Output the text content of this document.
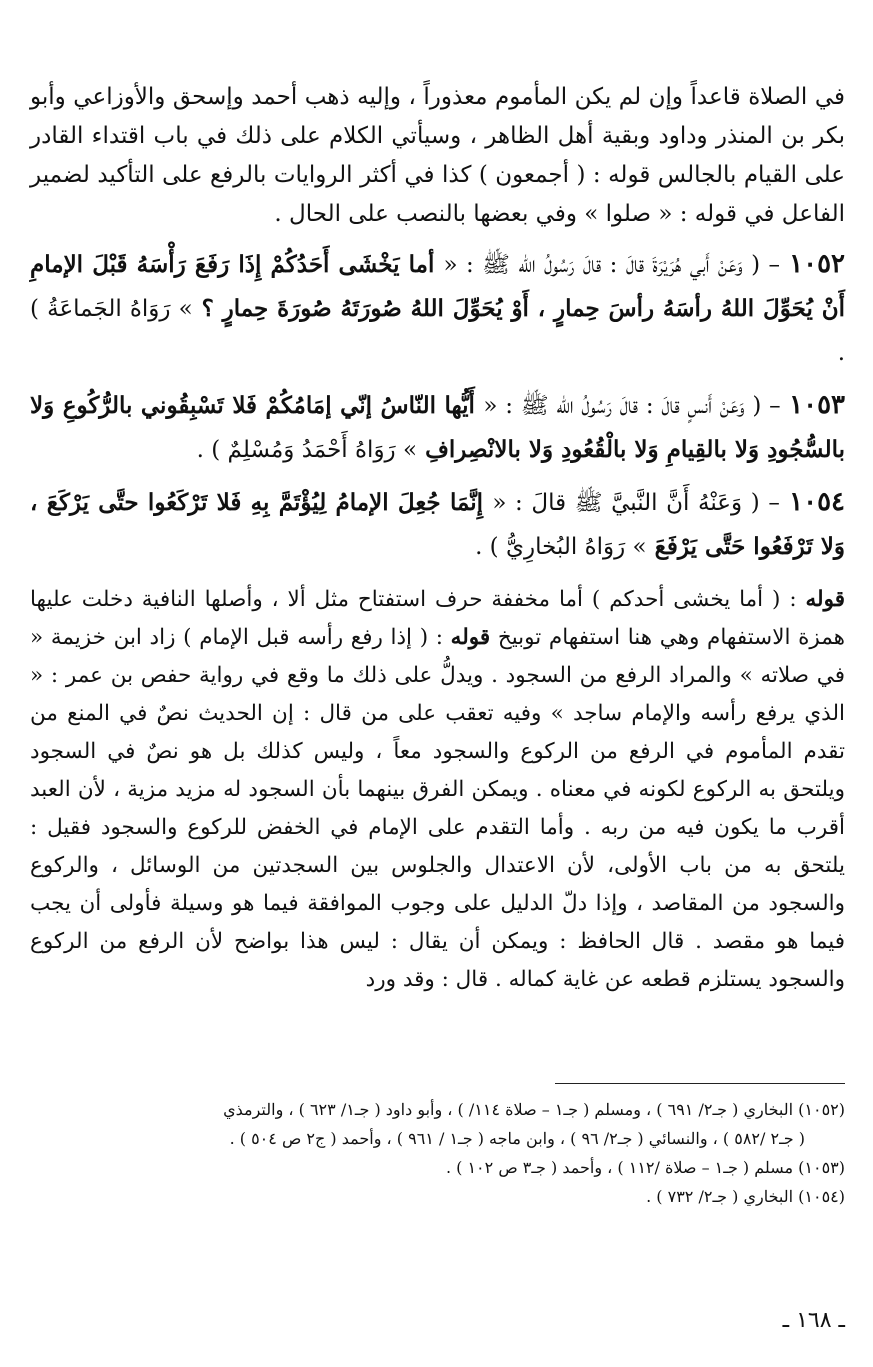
في الصلاة قاعداً وإن لم يكن المأموم معذوراً ، وإليه ذهب أحمد وإسحق والأوزاعي وأبو بكر بن المنذر وداود وبقية أهل الظاهر ، وسيأتي الكلام على ذلك في باب اقتداء القادر على القيام بالجالس قوله : ( أجمعون ) كذا في أكثر الروايات بالرفع على التأكيد لضمير الفاعل في قوله : « صلوا » وفي بعضها بالنصب على الحال .
١٠٥٢ – ( وَعَنْ أَبي هُرَيْرَةَ قالَ : قالَ رَسُولُ الله ﷺ : « أما يَخْشَى أَحَدُكُمْ إِذَا رَفَعَ رَأْسَهُ قَبْلَ الإمامِ أَنْ يُحَوِّلَ اللهُ رأسَهُ رأسَ حِمارٍ ، أَوْ يُحَوِّلَ اللهُ صُورَتَهُ صُورَةَ حِمارٍ ؟ » رَوَاهُ الجَماعَةُ ) .
١٠٥٣ – ( وَعَنْ أَنسٍ قالَ : قالَ رَسُولُ الله ﷺ : « أَيُّها النّاسُ إنّي إمَامُكُمْ فَلا تَسْبِقُوني بالرُّكُوعِ وَلا بالسُّجُودِ وَلا بالقِيامِ وَلا بالْقُعُودِ وَلا بالانْصِرافِ » رَوَاهُ أَحْمَدُ وَمُسْلِمٌ ) .
١٠٥٤ – ( وَعَنْهُ أَنَّ النَّبيَّ ﷺ قالَ : « إِنَّمَا جُعِلَ الإمامُ لِيُؤْتَمَّ بِهِ فَلا تَرْكَعُوا حتَّى يَرْكَعَ ، وَلا تَرْفَعُوا حَتَّى يَرْفَعَ » رَوَاهُ البُخارِيُّ ) .
قوله : ( أما يخشى أحدكم ) أما مخففة حرف استفتاح مثل ألا ، وأصلها النافية دخلت عليها همزة الاستفهام وهي هنا استفهام توبيخ قوله : ( إذا رفع رأسه قبل الإمام ) زاد ابن خزيمة « في صلاته » والمراد الرفع من السجود . ويدلُّ على ذلك ما وقع في رواية حفص بن عمر : « الذي يرفع رأسه والإمام ساجد » وفيه تعقب على من قال : إن الحديث نصٌ في المنع من تقدم المأموم في الرفع من الركوع والسجود معاً ، وليس كذلك بل هو نصٌ في السجود ويلتحق به الركوع لكونه في معناه . ويمكن الفرق بينهما بأن السجود له مزيد مزية ، لأن العبد أقرب ما يكون فيه من ربه . وأما التقدم على الإمام في الخفض للركوع والسجود فقيل : يلتحق به من باب الأولى، لأن الاعتدال والجلوس بين السجدتين من الوسائل ، والركوع والسجود من المقاصد ، وإذا دلّ الدليل على وجوب الموافقة فيما هو وسيلة فأولى أن يجب فيما هو مقصد . قال الحافظ : ويمكن أن يقال : ليس هذا بواضح لأن الرفع من الركوع والسجود يستلزم قطعه عن غاية كماله . قال : وقد ورد

(١٠٥٢) البخاري ( جـ٢/ ٦٩١ ) ، ومسلم ( جـ١ – صلاة ١١٤/ ) ، وأبو داود ( جـ١/ ٦٢٣ ) ، والترمذي

( جـ٢ /٥٨٢ ) ، والنسائي ( جـ٢/ ٩٦ ) ، وابن ماجه ( جـ١ / ٩٦١ ) ، وأحمد ( ج٢ ص ٥٠٤ ) .

(١٠٥٣) مسلم ( جـ١ – صلاة /١١٢ ) ، وأحمد ( جـ٣ ص ١٠٢ ) .

(١٠٥٤) البخاري ( جـ٢/ ٧٣٢ ) .

ـ ١٦٨ ـ
